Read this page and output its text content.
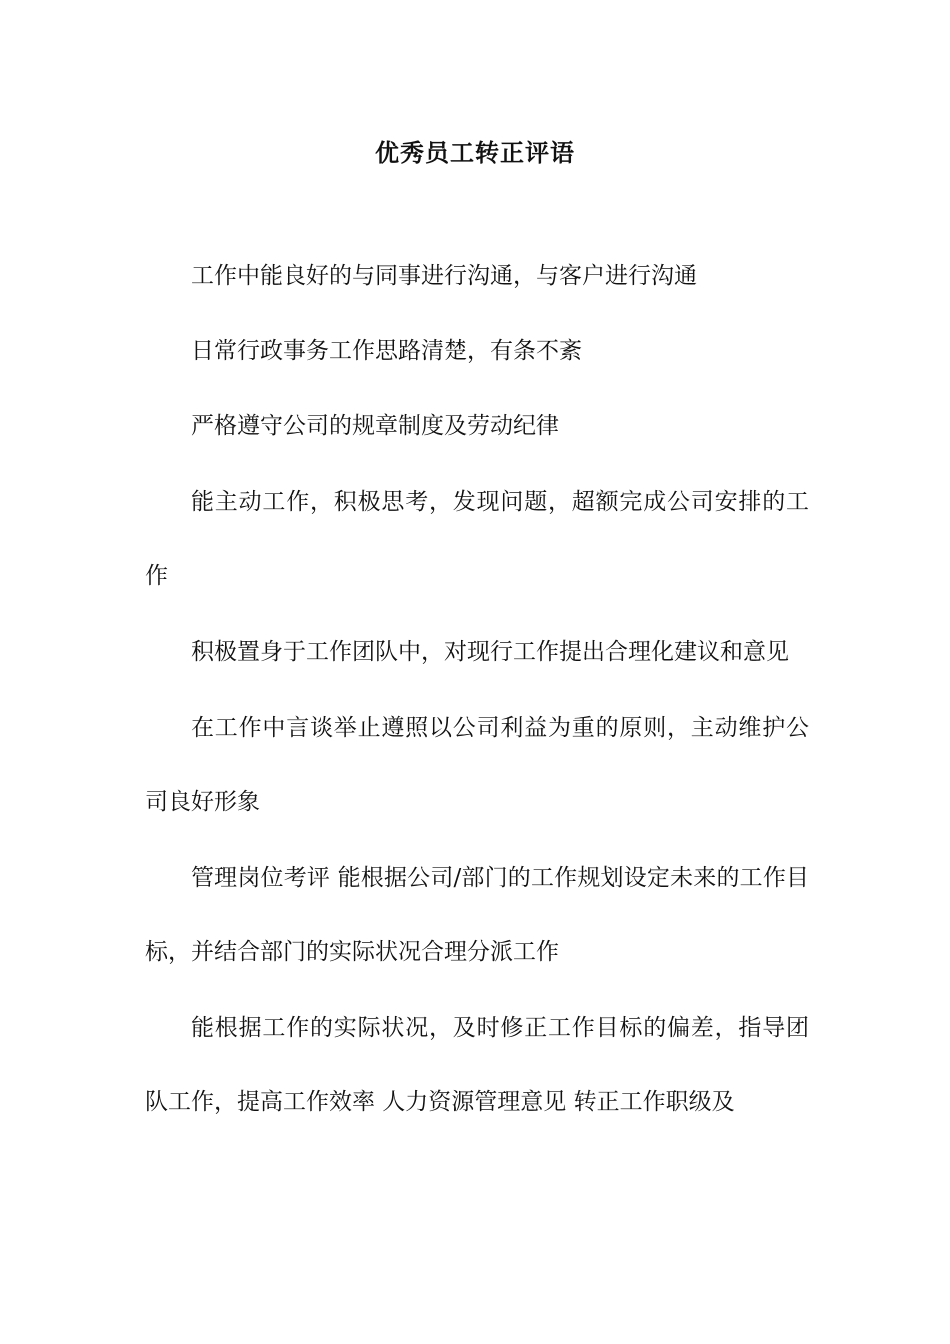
优秀员工转正评语

工作中能良好的与同事进行沟通，与客户进行沟通

日常行政事务工作思路清楚，有条不紊

严格遵守公司的规章制度及劳动纪律

能主动工作，积极思考，发现问题，超额完成公司安排的工作

积极置身于工作团队中，对现行工作提出合理化建议和意见

在工作中言谈举止遵照以公司利益为重的原则，主动维护公司良好形象

管理岗位考评 能根据公司/部门的工作规划设定未来的工作目标，并结合部门的实际状况合理分派工作

能根据工作的实际状况，及时修正工作目标的偏差，指导团队工作，提高工作效率 人力资源管理意见 转正工作职级及
